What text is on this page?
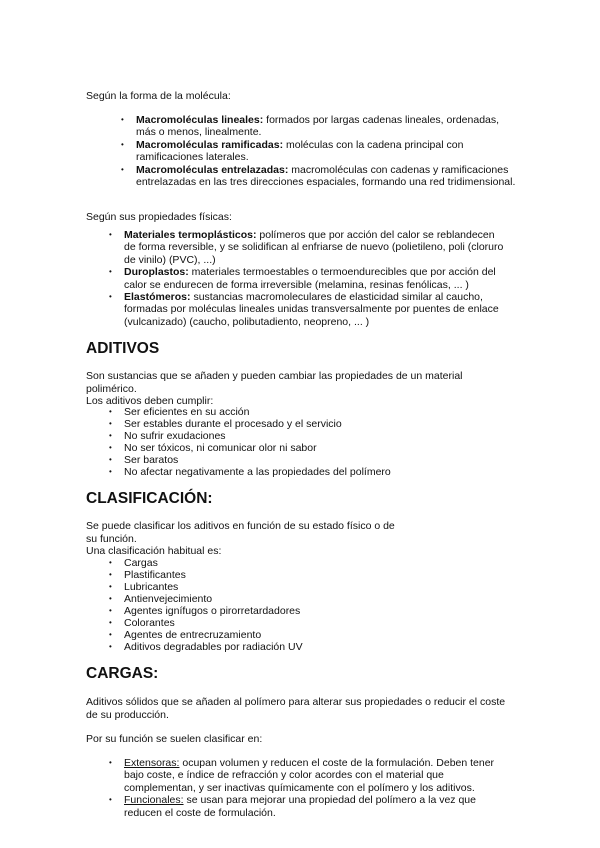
Según la forma de la molécula:

• Macromoléculas lineales: formados por largas cadenas lineales, ordenadas, más o menos, linealmente.
• Macromoléculas ramificadas: moléculas con la cadena principal con ramificaciones laterales.
• Macromoléculas entrelazadas: macromoléculas con cadenas y ramificaciones entrelazadas en las tres direcciones espaciales, formando una red tridimensional.

Según sus propiedades físicas:

• Materiales termoplásticos: polímeros que por acción del calor se reblandecen de forma reversible, y se solidifican al enfriarse de nuevo (polietileno, poli (cloruro de vinilo) (PVC), ...)
• Duroplastos: materiales termoestables o termoendurecibles que por acción del calor se endurecen de forma irreversible (melamina, resinas fenólicas, ... )
• Elastómeros: sustancias macromoleculares de elasticidad similar al caucho, formadas por moléculas lineales unidas transversalmente por puentes de enlace (vulcanizado) (caucho, polibutadiento, neopreno, ... )
ADITIVOS

Son sustancias que se añaden y pueden cambiar las propiedades de un material polimérico.

Los aditivos deben cumplir:

• Ser eficientes en su acción
• Ser estables durante el procesado y el servicio
• No sufrir exudaciones
• No ser tóxicos, ni comunicar olor ni sabor
• Ser baratos
• No afectar negativamente a las propiedades del polímero
CLASIFICACIÓN:

Se puede clasificar los aditivos en función de su estado físico o de su función.

Una clasificación habitual es:

• Cargas
• Plastificantes
• Lubricantes
• Antienvejecimiento
• Agentes ignífugos o pirorretardadores
• Colorantes
• Agentes de entrecruzamiento
• Aditivos degradables por radiación UV
CARGAS:

Aditivos sólidos que se añaden al polímero para alterar sus propiedades o reducir el coste de su producción.

Por su función se suelen clasificar en:

• Extensoras: ocupan volumen y reducen el coste de la formulación. Deben tener bajo coste, e índice de refracción y color acordes con el material que complementan, y ser inactivas químicamente con el polímero y los aditivos.
• Funcionales: se usan para mejorar una propiedad del polímero a la vez que reducen el coste de formulación.
